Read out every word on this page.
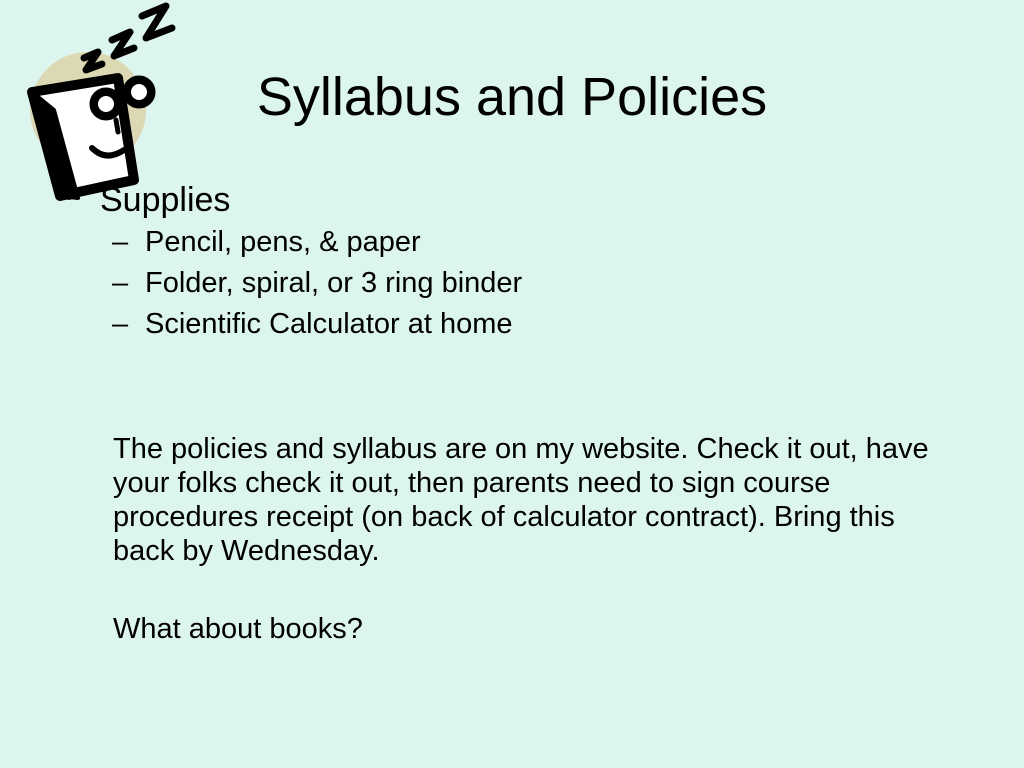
Syllabus and Policies

Supplies

– Pencil, pens, & paper
– Folder, spiral, or 3 ring binder
– Scientific Calculator at home

The policies and syllabus are on my website. Check it out, have your folks check it out, then parents need to sign course procedures receipt (on back of calculator contract). Bring this back by Wednesday.

What about books?
